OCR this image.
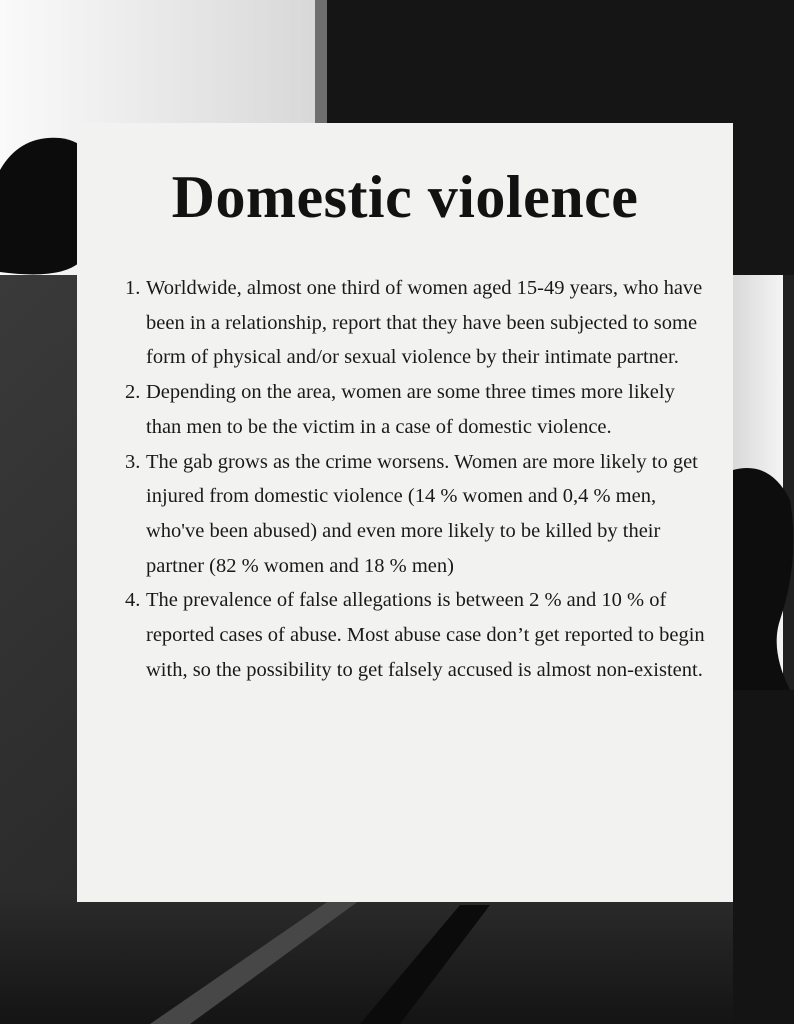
Domestic violence
1. Worldwide, almost one third of women aged 15-49 years, who have been in a relationship, report that they have been subjected to some form of physical and/or sexual violence by their intimate partner.
2. Depending on the area, women are some three times more likely than men to be the victim in a case of domestic violence.
3. The gab grows as the crime worsens. Women are more likely to get injured from domestic violence (14 % women and 0,4 % men, who've been abused) and even more likely to be killed by their partner (82 % women and 18 % men)
4. The prevalence of false allegations is between 2 % and 10 % of reported cases of abuse. Most abuse case don’t get reported to begin with, so the possibility to get falsely accused is almost non-existent.
